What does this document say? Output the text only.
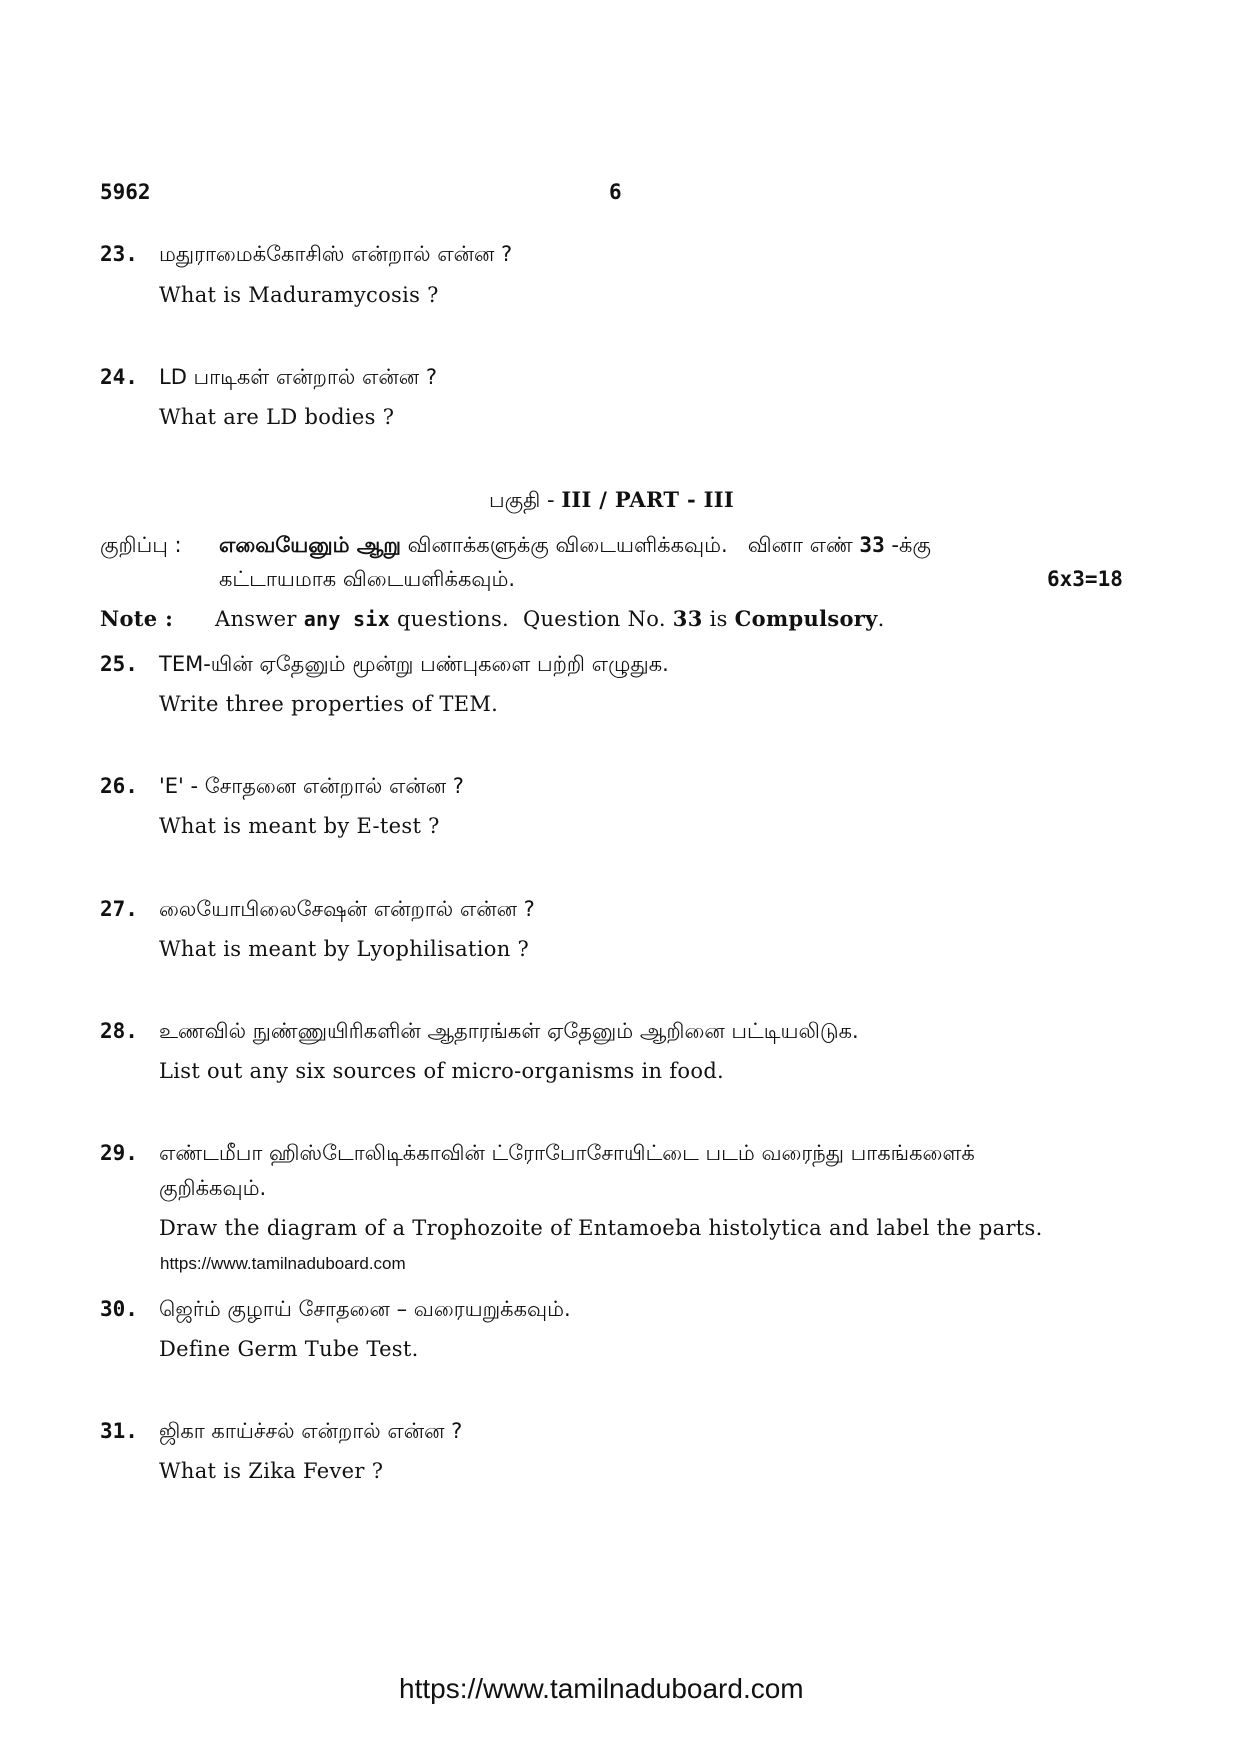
5962	6
23. மதுராமைக்கோசிஸ் என்றால் என்ன ?
What is Maduramycosis ?
24. LD பாடிகள் என்றால் என்ன ?
What are LD bodies ?
பகுதி - III / PART - III
குறிப்பு : எவையேனும் ஆறு வினாக்களுக்கு விடையளிக்கவும்.   வினா எண் 33 -க்கு
கட்டாயமாக விடையளிக்கவும்.	6x3=18
Note : Answer any six questions.  Question No. 33 is Compulsory.
25. TEM-யின் ஏதேனும் மூன்று பண்புகளை பற்றி எழுதுக.
Write three properties of TEM.
26. 'E' - சோதனை என்றால் என்ன ?
What is meant by E-test ?
27. லையோபிலைசேஷன் என்றால் என்ன ?
What is meant by Lyophilisation ?
28. உணவில் நுண்ணுயிரிகளின் ஆதாரங்கள் ஏதேனும் ஆறினை பட்டியலிடுக.
List out any six sources of micro-organisms in food.
29. எண்டமீபா ஹிஸ்டோலிடிக்காவின் ட்ரோபோசோயிட்டை படம் வரைந்து பாகங்களைக்
குறிக்கவும்.
Draw the diagram of a Trophozoite of Entamoeba histolytica and label the parts.
https://www.tamilnaduboard.com
30. ஜெர்ம் குழாய் சோதனை – வரையறுக்கவும்.
Define Germ Tube Test.
31. ஜிகா காய்ச்சல் என்றால் என்ன ?
What is Zika Fever ?
https://www.tamilnaduboard.com
